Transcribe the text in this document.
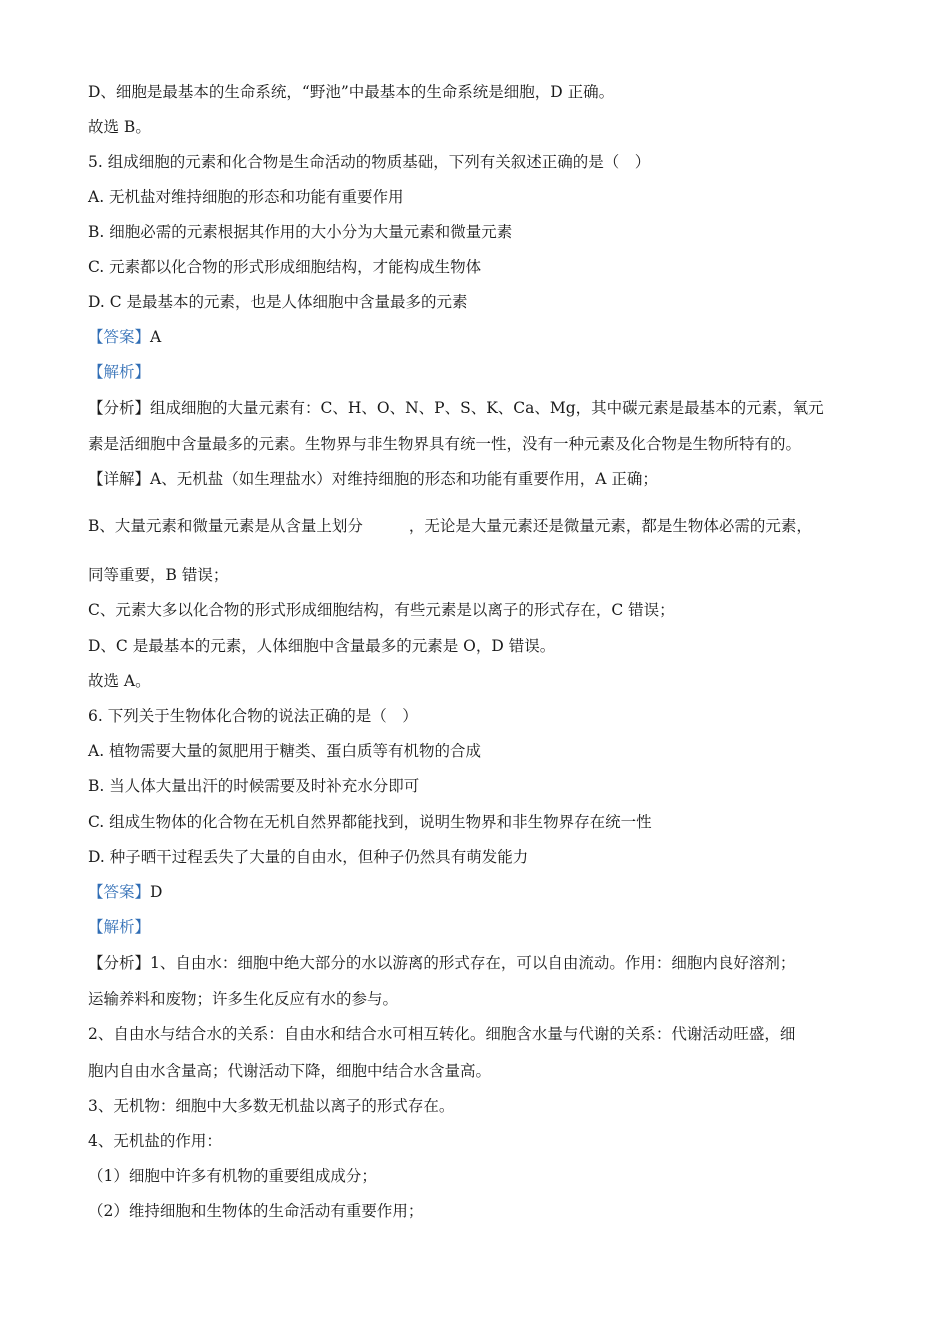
D、细胞是最基本的生命系统，“野池”中最基本的生命系统是细胞，D 正确。
故选 B。
5. 组成细胞的元素和化合物是生命活动的物质基础，下列有关叙述正确的是（　）
A. 无机盐对维持细胞的形态和功能有重要作用
B. 细胞必需的元素根据其作用的大小分为大量元素和微量元素
C. 元素都以化合物的形式形成细胞结构，才能构成生物体
D. C 是最基本的元素，也是人体细胞中含量最多的元素
【答案】A
【解析】
【分析】组成细胞的大量元素有：C、H、O、N、P、S、K、Ca、Mg，其中碳元素是最基本的元素，氧元
素是活细胞中含量最多的元素。生物界与非生物界具有统一性，没有一种元素及化合物是生物所特有的。
【详解】A、无机盐（如生理盐水）对维持细胞的形态和功能有重要作用，A 正确；
B、大量元素和微量元素是从含量上划分	，无论是大量元素还是微量元素，都是生物体必需的元素，
同等重要，B 错误；
C、元素大多以化合物的形式形成细胞结构，有些元素是以离子的形式存在，C 错误；
D、C 是最基本的元素，人体细胞中含量最多的元素是 O，D 错误。
故选 A。
6. 下列关于生物体化合物的说法正确的是（　）
A. 植物需要大量的氮肥用于糖类、蛋白质等有机物的合成
B. 当人体大量出汗的时候需要及时补充水分即可
C. 组成生物体的化合物在无机自然界都能找到，说明生物界和非生物界存在统一性
D. 种子晒干过程丢失了大量的自由水，但种子仍然具有萌发能力
【答案】D
【解析】
【分析】1、自由水：细胞中绝大部分的水以游离的形式存在，可以自由流动。作用：细胞内良好溶剂；
运输养料和废物；许多生化反应有水的参与。
2、自由水与结合水的关系：自由水和结合水可相互转化。细胞含水量与代谢的关系：代谢活动旺盛，细
胞内自由水含量高；代谢活动下降，细胞中结合水含量高。
3、无机物：细胞中大多数无机盐以离子的形式存在。
4、无机盐的作用：
（1）细胞中许多有机物的重要组成成分；
（2）维持细胞和生物体的生命活动有重要作用；
